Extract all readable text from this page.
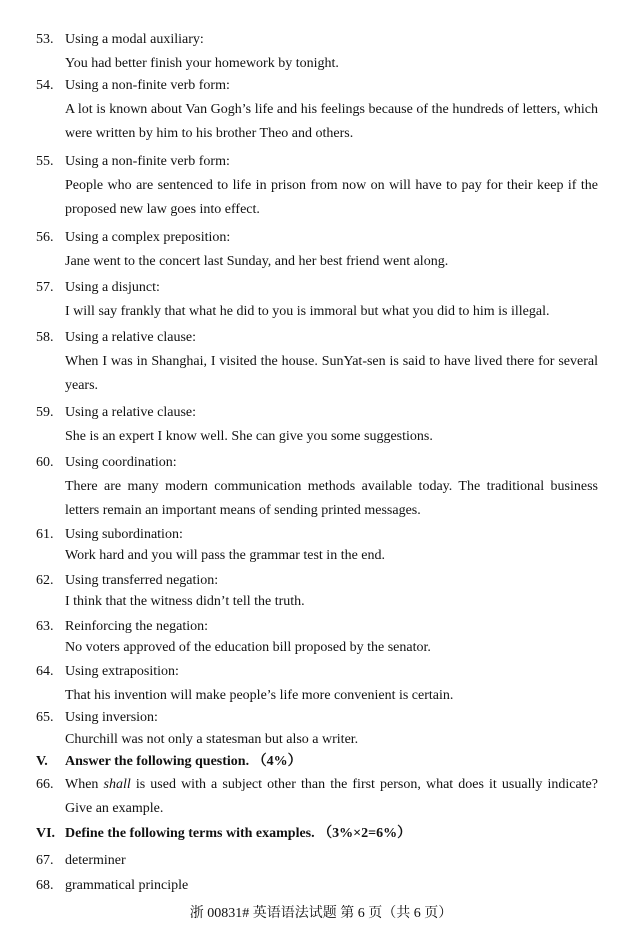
53. Using a modal auxiliary:
You had better finish your homework by tonight.
54. Using a non-finite verb form:
A lot is known about Van Gogh’s life and his feelings because of the hundreds of letters, which were written by him to his brother Theo and others.
55. Using a non-finite verb form:
People who are sentenced to life in prison from now on will have to pay for their keep if the proposed new law goes into effect.
56. Using a complex preposition:
Jane went to the concert last Sunday, and her best friend went along.
57. Using a disjunct:
I will say frankly that what he did to you is immoral but what you did to him is illegal.
58. Using a relative clause:
When I was in Shanghai, I visited the house. SunYat-sen is said to have lived there for several years.
59. Using a relative clause:
She is an expert I know well. She can give you some suggestions.
60. Using coordination:
There are many modern communication methods available today. The traditional business letters remain an important means of sending printed messages.
61. Using subordination:
Work hard and you will pass the grammar test in the end.
62. Using transferred negation:
I think that the witness didn’t tell the truth.
63. Reinforcing the negation:
No voters approved of the education bill proposed by the senator.
64. Using extraposition:
That his invention will make people’s life more convenient is certain.
65. Using inversion:
Churchill was not only a statesman but also a writer.
V. Answer the following question. （4%）
66. When shall is used with a subject other than the first person, what does it usually indicate? Give an example.
VI. Define the following terms with examples. （3%×2=6%）
67. determiner
68. grammatical principle
浙 00831# 英语语法试题 第 6 页（共 6 页）
